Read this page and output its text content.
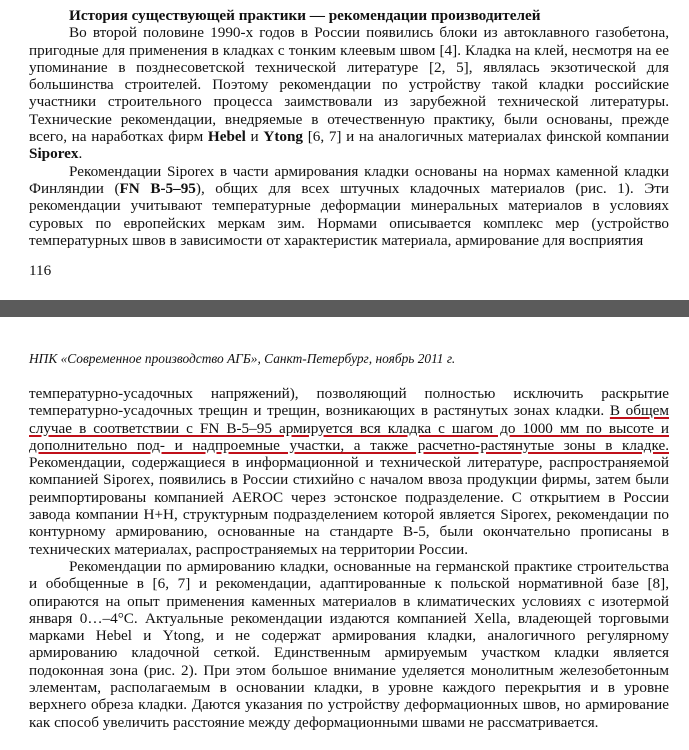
История существующей практики — рекомендации производителей

Во второй половине 1990-х годов в России появились блоки из автоклавного газобетона, пригодные для применения в кладках с тонким клеевым швом [4]. Кладка на клей, несмотря на ее упоминание в позднесоветской технической литературе [2, 5], являлась экзотической для большинства строителей. Поэтому рекомендации по устройству такой кладки российские участники строительного процесса заимствовали из зарубежной технической литературы. Технические рекомендации, внедряемые в отечественную практику, были основаны, прежде всего, на наработках фирм Hebel и Ytong [6, 7] и на аналогичных материалах финской компании Siporex.

Рекомендации Siporex в части армирования кладки основаны на нормах каменной кладки Финляндии (FN B-5–95), общих для всех штучных кладочных материалов (рис. 1). Эти рекомендации учитывают температурные деформации минеральных материалов в условиях суровых по европейских меркам зим. Нормами описывается комплекс мер (устройство температурных швов в зависимости от характеристик материала, армирование для восприятия

116
НПК «Современное производство АГБ», Санкт-Петербург, ноябрь 2011 г.

температурно-усадочных напряжений), позволяющий полностью исключить раскрытие температурно-усадочных трещин и трещин, возникающих в растянутых зонах кладки. В общем случае в соответствии с FN B-5–95 армируется вся кладка с шагом до 1000 мм по высоте и дополнительно под- и надпроемные участки, а также расчетно-растянутые зоны в кладке. Рекомендации, содержащиеся в информационной и технической литературе, распространяемой компанией Siporex, появились в России стихийно с началом ввоза продукции фирмы, затем были реимпортированы компанией AEROC через эстонское подразделение. С открытием в России завода компании H+H, структурным подразделением которой является Siporex, рекомендации по контурному армированию, основанные на стандарте B-5, были окончательно прописаны в технических материалах, распространяемых на территории России.

Рекомендации по армированию кладки, основанные на германской практике строительства и обобщенные в [6, 7] и рекомендации, адаптированные к польской нормативной базе [8], опираются на опыт применения каменных материалов в климатических условиях с изотермой января 0…–4°С. Актуальные рекомендации издаются компанией Xella, владеющей торговыми марками Hebel и Ytong, и не содержат армирования кладки, аналогичного регулярному армированию кладочной сеткой. Единственным армируемым участком кладки является подоконная зона (рис. 2). При этом большое внимание уделяется монолитным железобетонным элементам, располагаемым в основании кладки, в уровне каждого перекрытия и в уровне верхнего обреза кладки. Даются указания по устройству деформационных швов, но армирование как способ увеличить расстояние между деформационными швами не рассматривается.
